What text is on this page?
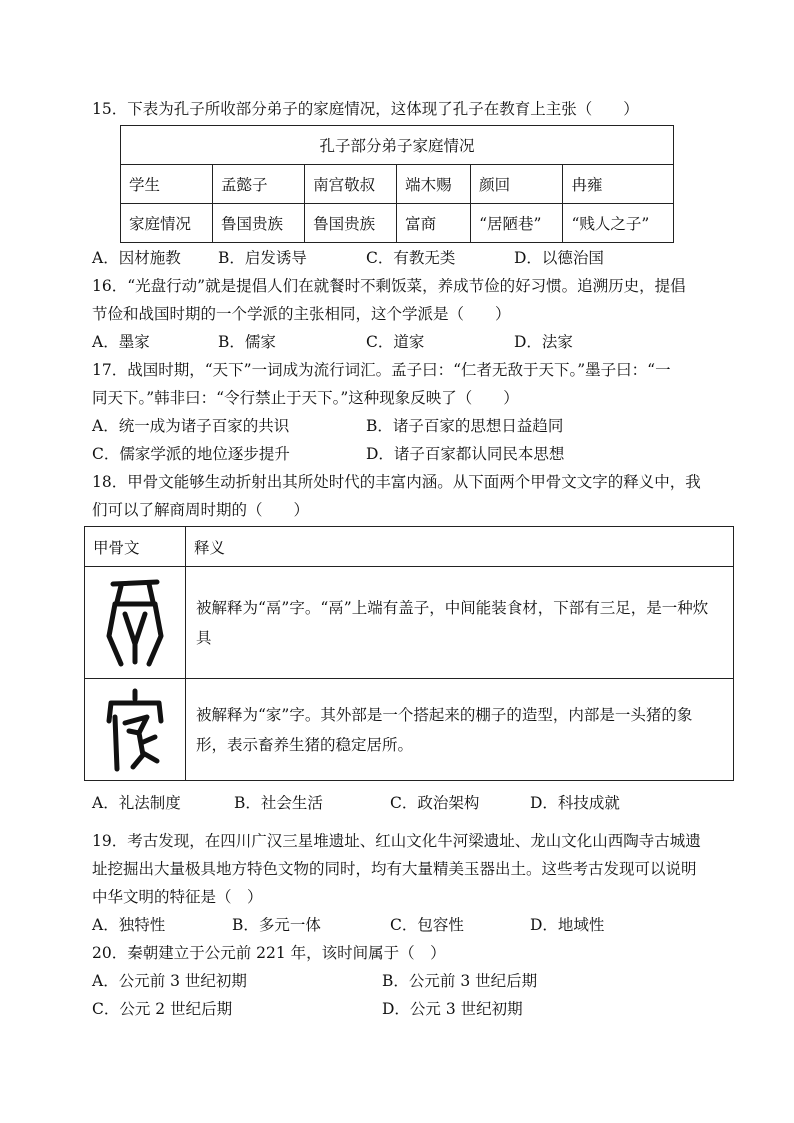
15．下表为孔子所收部分弟子的家庭情况，这体现了孔子在教育上主张（　　）
孔子部分弟子家庭情况					
学生	孟懿子	南宫敬叔	端木赐	颜回	冉雍
家庭情况	鲁国贵族	鲁国贵族	富商	“居陋巷”	“贱人之子”
A．因材施教 B．启发诱导	C．有教无类	D．以德治国
16．“光盘行动”就是提倡人们在就餐时不剩饭菜，养成节俭的好习惯。追溯历史，提倡
节俭和战国时期的一个学派的主张相同，这个学派是（　　）
A．墨家	B．儒家	C．道家	D．法家
17．战国时期，“天下”一词成为流行词汇。孟子曰：“仁者无敌于天下。”墨子曰：“一
同天下。”韩非曰：“令行禁止于天下。”这种现象反映了（　　）
A．统一成为诸子百家的共识	B．诸子百家的思想日益趋同
C．儒家学派的地位逐步提升	D．诸子百家都认同民本思想
18．甲骨文能够生动折射出其所处时代的丰富内涵。从下面两个甲骨文文字的释义中，我
们可以了解商周时期的（　　）
甲骨文	释义

	被解释为“鬲”字。“鬲”上端有盖子，中间能装食材，下部有三足，是一种炊具

	被解释为“家”字。其外部是一个搭起来的棚子的造型，内部是一头猪的象形，表示畜养生猪的稳定居所。
A．礼法制度	B．社会生活	C．政治架构	D．科技成就
19．考古发现，在四川广汉三星堆遗址、红山文化牛河梁遗址、龙山文化山西陶寺古城遗
址挖掘出大量极具地方特色文物的同时，均有大量精美玉器出土。这些考古发现可以说明
中华文明的特征是（　）
A．独特性	B．多元一体	C．包容性	D．地域性
20．秦朝建立于公元前 221 年，该时间属于（　）
A．公元前 3 世纪初期	B．公元前 3 世纪后期
C．公元 2 世纪后期	D．公元 3 世纪初期
